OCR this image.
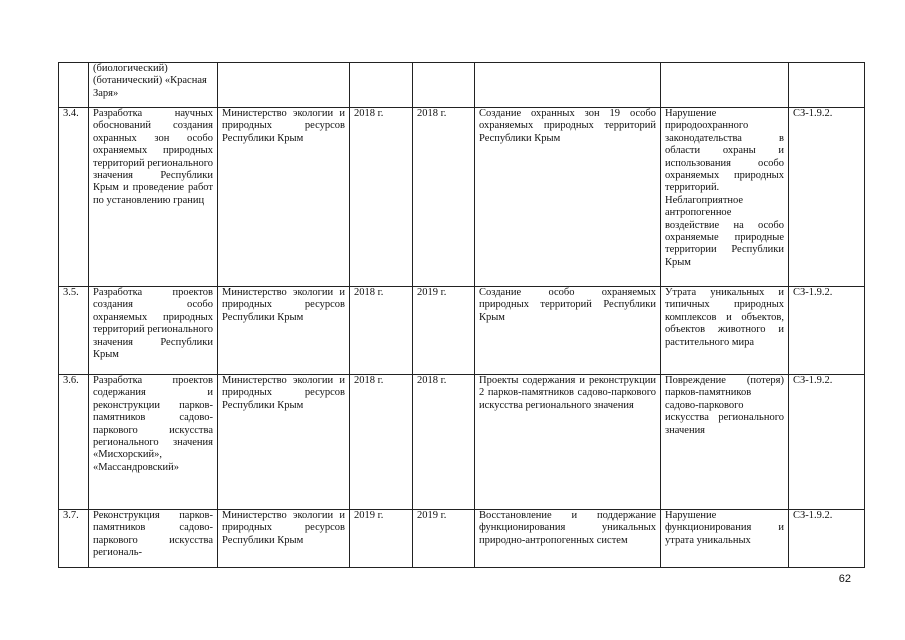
	(биологический) (ботанический) «Красная Заря»						

3.4.	Разработка научных обоснований создания охранных зон особо охраняемых природных территорий регионального значения Республики Крым и проведение работ по установлению границ	Министерство экологии и природных ресурсов Республики Крым	2018 г.	2018 г.	Создание охранных зон 19 особо охраняемых природных территорий Республики Крым	Нарушение природоохранного законодательства в области охраны и использования особо охраняемых природных территорий. Неблагоприятное антропогенное воздействие на особо охраняемые природные территории Республики Крым	СЗ-1.9.2.
3.5.	Разработка проектов создания особо охраняемых природных территорий регионального значения Республики Крым	Министерство экологии и природных ресурсов Республики Крым	2018 г.	2019 г.	Создание особо охраняемых природных территорий Республики Крым	Утрата уникальных и типичных природных комплексов и объектов, объектов животного и растительного мира	СЗ-1.9.2.
3.6.	Разработка проектов содержания и реконструкции парков-памятников садово-паркового искусства регионального значения «Мисхорский», «Массандровский»	Министерство экологии и природных ресурсов Республики Крым	2018 г.	2018 г.	Проекты содержания и реконструкции 2 парков-памятников садово-паркового искусства регионального значения	Повреждение (потеря) парков-памятников садово-паркового искусства регионального значения	СЗ-1.9.2.
3.7.	Реконструкция парков-памятников садово-паркового искусства региональ-	Министерство экологии и природных ресурсов Республики Крым	2019 г.	2019 г.	Восстановление и поддержание функционирования уникальных природно-антропогенных систем	Нарушение функционирования и утрата уникальных	СЗ-1.9.2.
62
